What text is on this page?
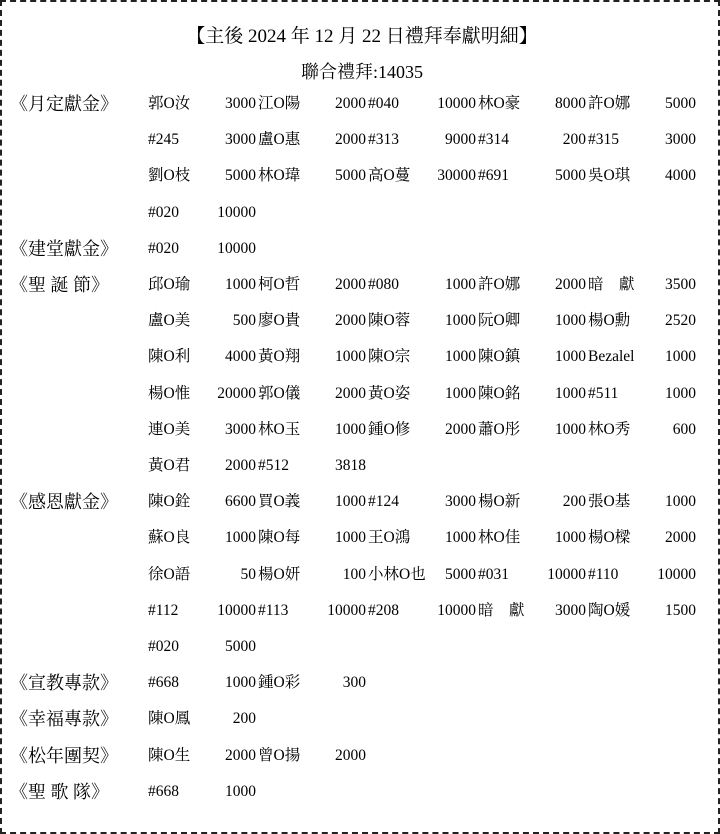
【主後 2024 年 12 月 22 日禮拜奉獻明細】
聯合禮拜:14035
《月定獻金》	郭O汝 3000 江O陽 2000 #040 10000 林O豪 8000 許O娜 5000
#245	3000 盧O惠 2000 #313	9000 #314	200 #315	3000
劉O枝 5000 林O瑋 5000 高O蔓 30000 #691	5000 吳O琪 4000
#020 10000
《建堂獻金》	#020 10000
《聖 誕 節》	邱O瑜 1000 柯O哲 2000 #080	1000 許O娜 2000 暗　獻 3500
盧O美	500 廖O貴 2000 陳O蓉 1000 阮O卿 1000 楊O勳 2520
陳O利 4000 黃O翔 1000 陳O宗 1000 陳O鎮 1000 Bezalel 1000
楊O惟 20000 郭O儀 2000 黃O姿 1000 陳O銘 1000 #511	1000
連O美 3000 林O玉 1000 鍾O修 2000 蕭O彤 1000 林O秀	600
黃O君 2000 #512	3818
《感恩獻金》	陳O銓 6600 買O義 1000 #124	3000 楊O新	200 張O基 1000
蘇O良 1000 陳O每 1000 王O鴻 1000 林O佳 1000 楊O樑 2000
徐O語	50 楊O妍	100 小林O也 5000 #031 10000 #110	10000
#112	10000 #113	10000 #208 10000 暗　獻 3000 陶O媛 1500
#020	5000
《宣教專款》	#668	1000 鍾O彩	300
《幸福專款》	陳O鳳	200
《松年團契》	陳O生 2000 曾O揚 2000
《聖 歌 隊》	#668	1000
